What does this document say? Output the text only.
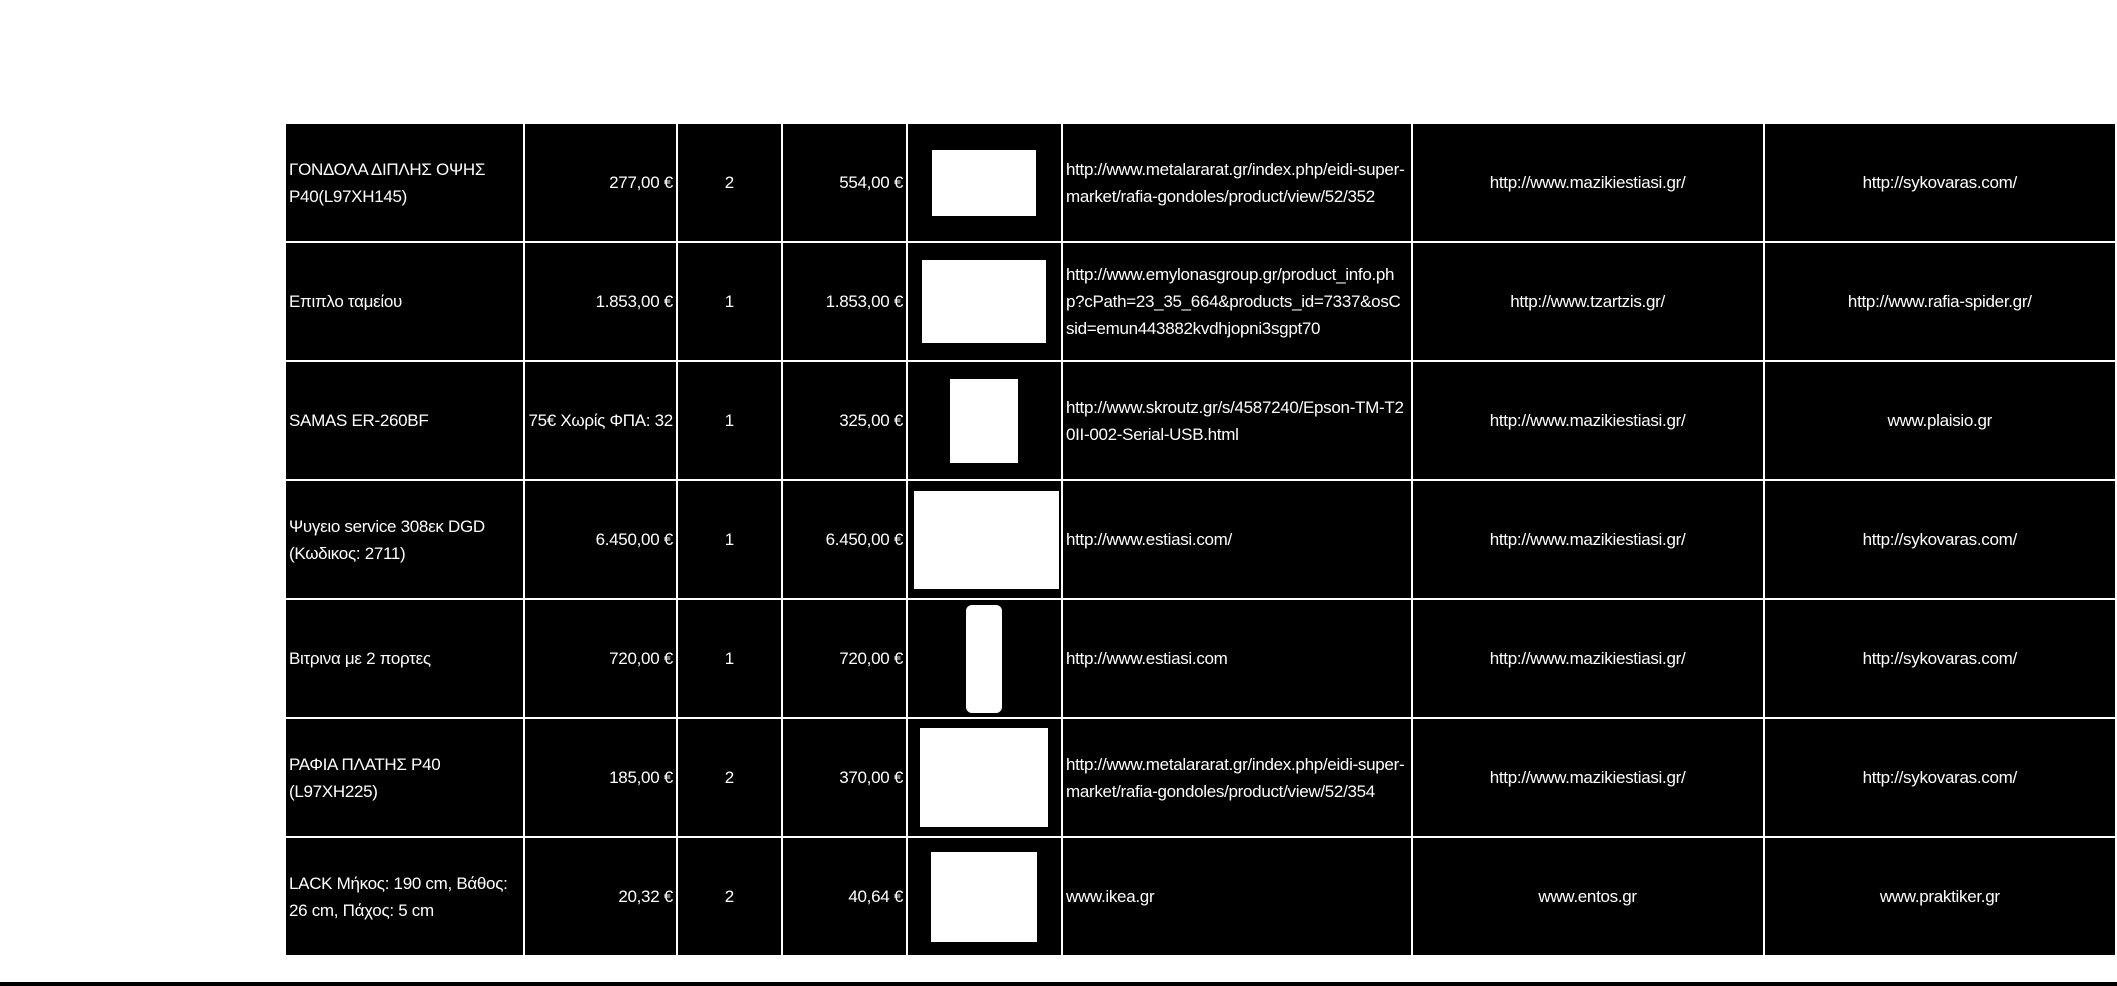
ΓΟΝΔΟΛΑ ΔΙΠΛΗΣ ΟΨΗΣ P40(L97XH145)	277,00 €	2	554,00 €		http://www.metalararat.gr/index.php/eidi-super-market/rafia-gondoles/product/view/52/352	http://www.mazikiestiasi.gr/	http://sykovaras.com/
Επιπλο ταμείου	1.853,00 €	1	1.853,00 €		http://www.emylonasgroup.gr/product_info.php?cPath=23_35_664&products_id=7337&osCsid=emun443882kvdhjopni3sgpt70	http://www.tzartzis.gr/	http://www.rafia-spider.gr/
SAMAS ER-260BF	75€ Χωρίς ΦΠΑ: 32	1	325,00 €		http://www.skroutz.gr/s/4587240/Epson-TM-T20II-002-Serial-USB.html	http://www.mazikiestiasi.gr/	www.plaisio.gr
Ψυγειο service 308εκ DGD (Κωδικος: 2711)	6.450,00 €	1	6.450,00 €		http://www.estiasi.com/	http://www.mazikiestiasi.gr/	http://sykovaras.com/
Βιτρινα με 2 πορτες	720,00 €	1	720,00 €		http://www.estiasi.com	http://www.mazikiestiasi.gr/	http://sykovaras.com/
ΡΑΦΙΑ ΠΛΑΤΗΣ P40 (L97XH225)	185,00 €	2	370,00 €		http://www.metalararat.gr/index.php/eidi-super-market/rafia-gondoles/product/view/52/354	http://www.mazikiestiasi.gr/	http://sykovaras.com/
LACK Μήκος: 190 cm, Βάθος: 26 cm, Πάχος: 5 cm	20,32 €	2	40,64 €		www.ikea.gr	www.entos.gr	www.praktiker.gr
